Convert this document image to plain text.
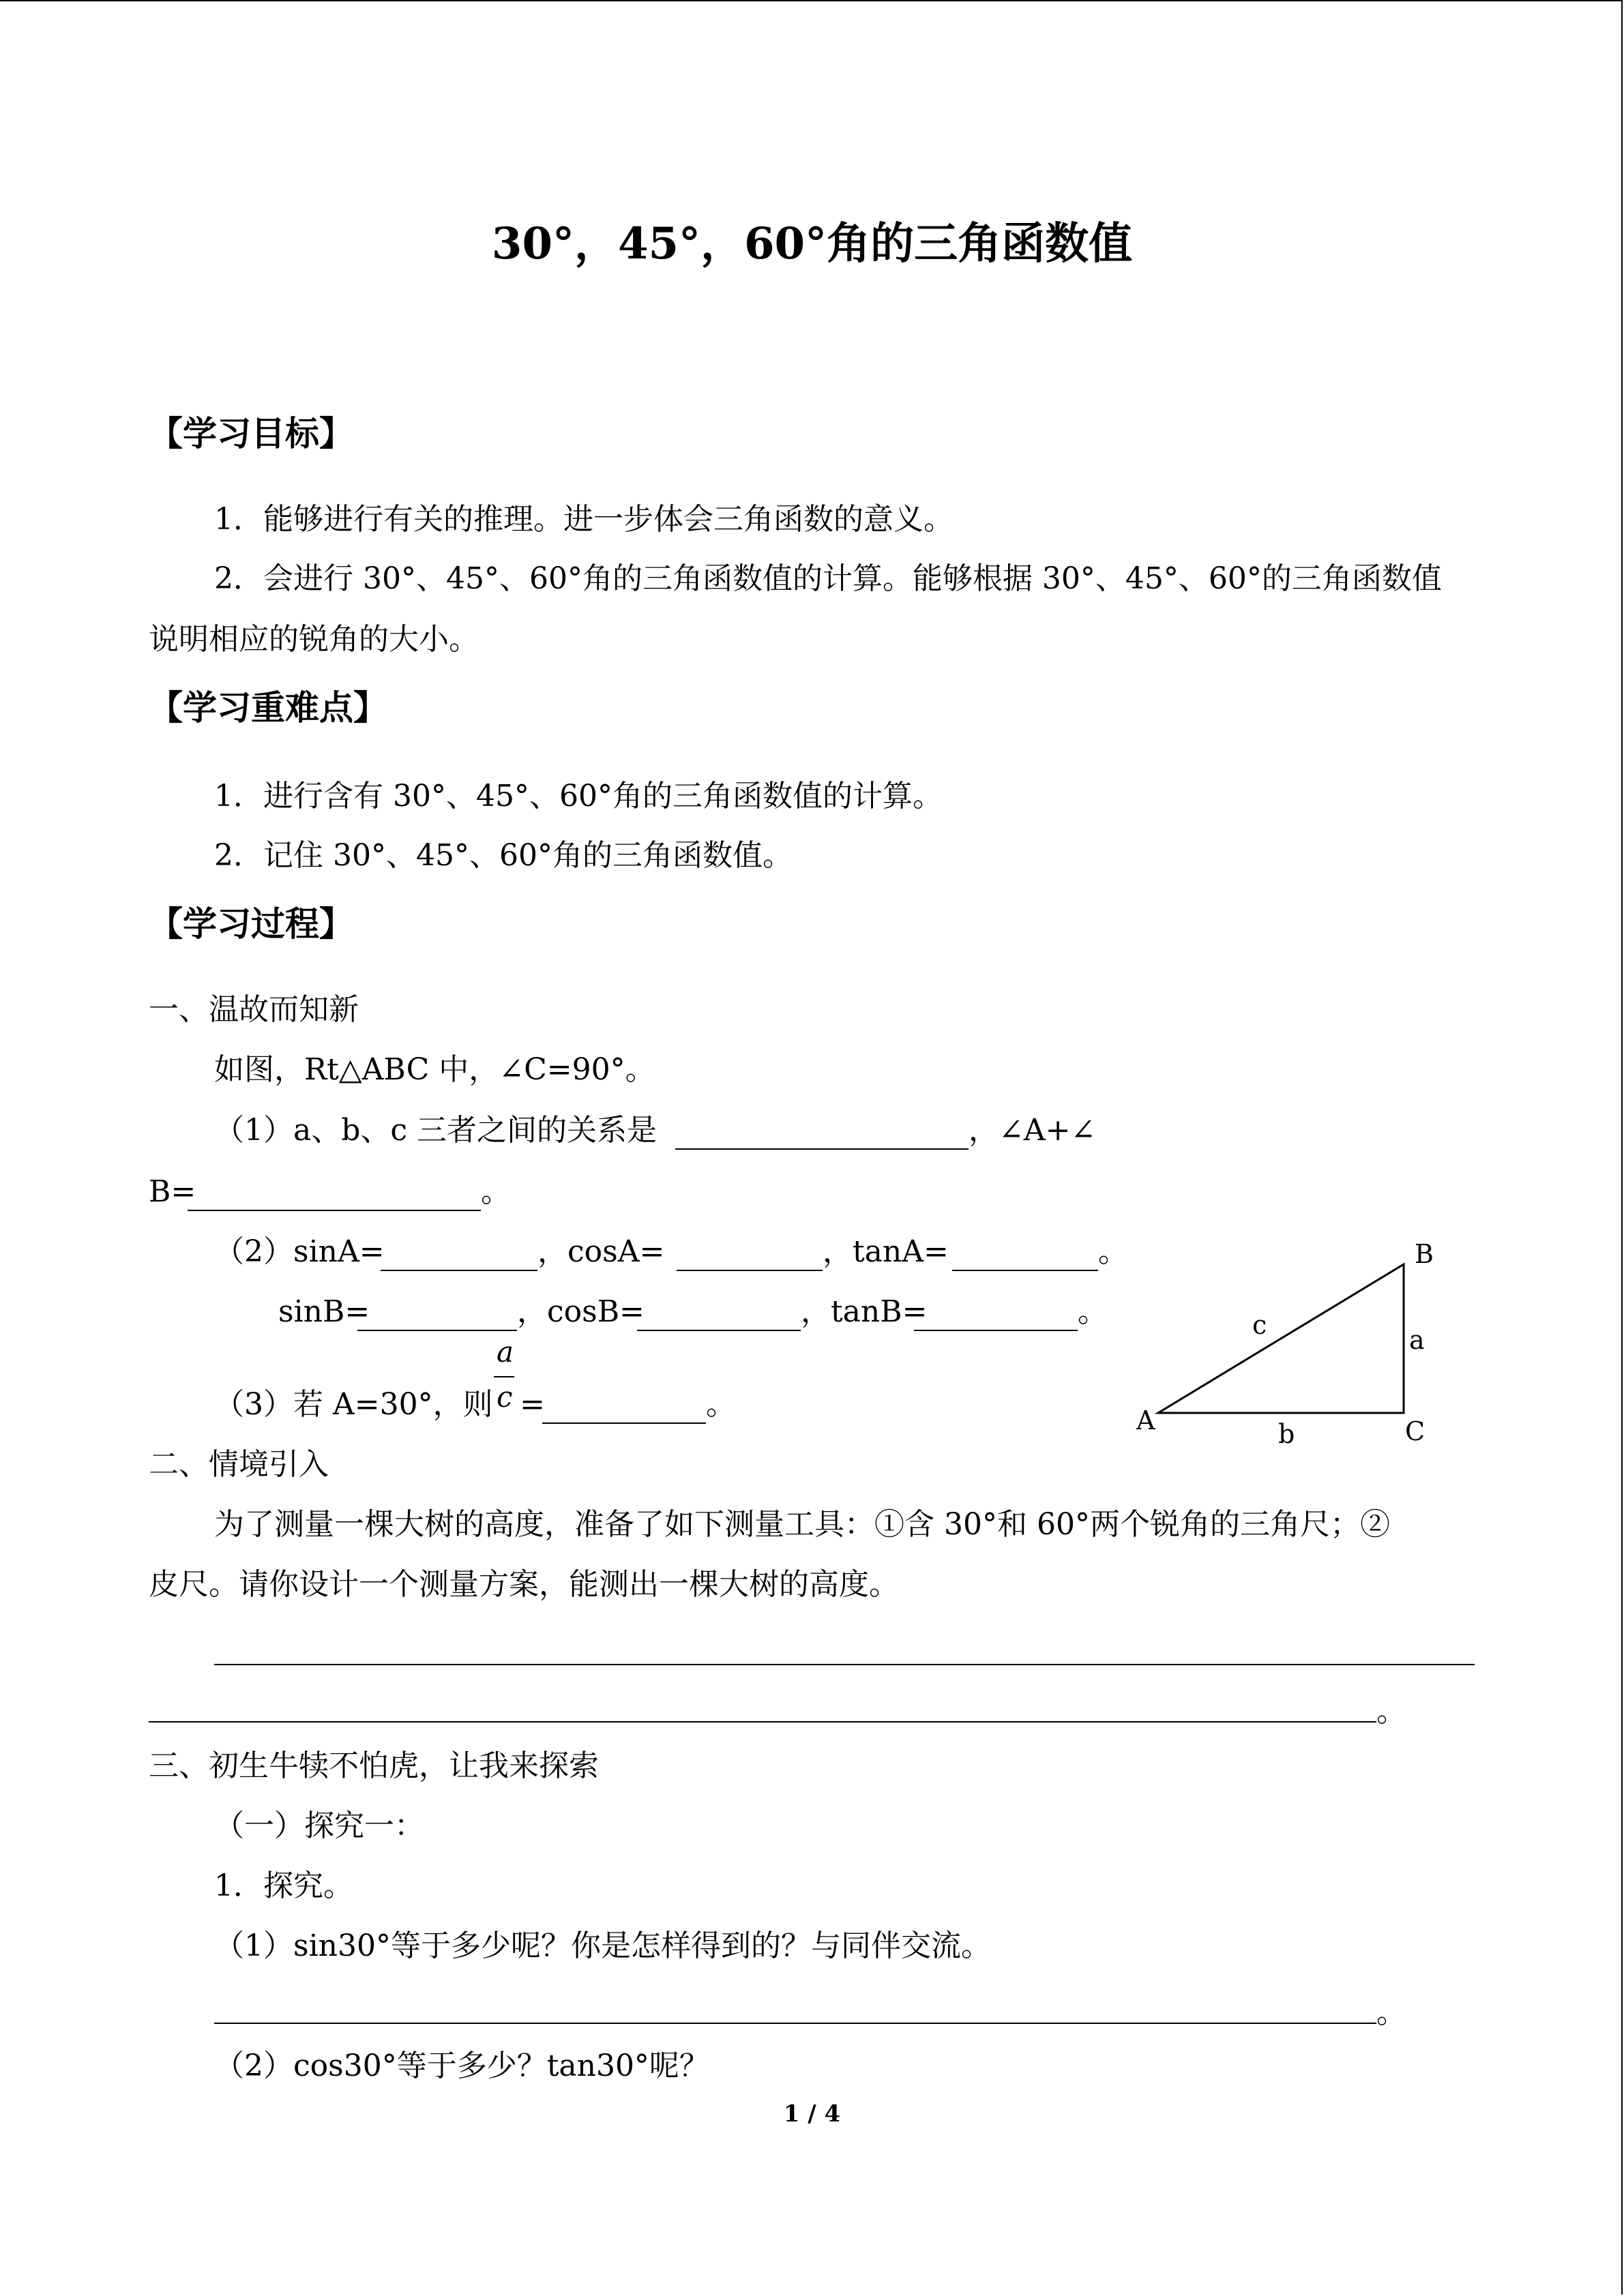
30°，45°，60°角的三角函数值
【学习目标】
1．能够进行有关的推理。进一步体会三角函数的意义。
2．会进行 30°、45°、60°角的三角函数值的计算。能够根据 30°、45°、60°的三角函数值
说明相应的锐角的大小。
【学习重难点】
1．进行含有 30°、45°、60°角的三角函数值的计算。
2．记住 30°、45°、60°角的三角函数值。
【学习过程】
一、温故而知新
如图，Rt△ABC 中，∠C=90°。
（1）a、b、c 三者之间的关系是	，∠A+∠
B=	。
（2）sinA=	，cosA=	，tanA=	。
sinB=	，cosB=	，tanB=	。
（3）若 A=30°，则
a
c =	。	A
B
C
a
b
c
二、情境引入
为了测量一棵大树的高度，准备了如下测量工具：①含 30°和 60°两个锐角的三角尺；②
皮尺。请你设计一个测量方案，能测出一棵大树的高度。
。
三、初生牛犊不怕虎，让我来探索
（一）探究一：
1．探究。
（1）sin30°等于多少呢？你是怎样得到的？与同伴交流。
。
（2）cos30°等于多少？tan30°呢？
1 / 4
